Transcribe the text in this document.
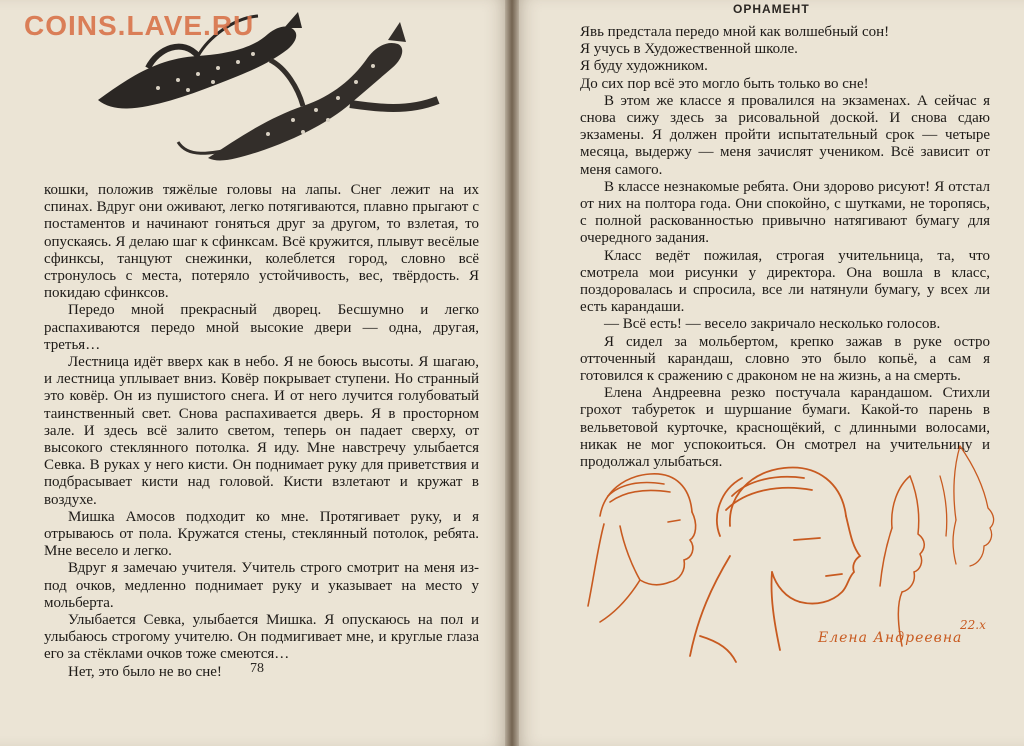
кошки, положив тяжёлые головы на лапы. Снег лежит на их спинах. Вдруг они оживают, легко потягиваются, плавно прыгают с постаментов и начинают гоняться друг за другом, то взлетая, то опускаясь. Я делаю шаг к сфинксам. Всё кружится, плывут весёлые сфинксы, танцуют снежинки, колеблется город, словно всё стронулось с места, потеряло устойчивость, вес, твёрдость. Я покидаю сфинксов.

Передо мной прекрасный дворец. Бесшумно и легко распахиваются передо мной высокие двери — одна, другая, третья…

Лестница идёт вверх как в небо. Я не боюсь высоты. Я шагаю, и лестница уплывает вниз. Ковёр покрывает ступени. Но странный это ковёр. Он из пушистого снега. И от него лучится голубоватый таинственный свет. Снова распахивается дверь. Я в просторном зале. И здесь всё залито светом, теперь он падает сверху, от высокого стеклянного потолка. Я иду. Мне навстречу улыбается Севка. В руках у него кисти. Он поднимает руку для приветствия и подбрасывает кисти над головой. Кисти взлетают и кружат в воздухе.

Мишка Амосов подходит ко мне. Протягивает руку, и я отрываюсь от пола. Кружатся стены, стеклянный потолок, ребята. Мне весело и легко.

Вдруг я замечаю учителя. Учитель строго смотрит на меня из-под очков, медленно поднимает руку и указывает на место у мольберта.

Улыбается Севка, улыбается Мишка. Я опускаюсь на пол и улыбаюсь строгому учителю. Он подмигивает мне, и круглые глаза его за стёклами очков тоже смеются…

Нет, это было не во сне!	78
COINS.LAVE.RU
ОРНАМЕНТ

Явь предстала передо мной как волшебный сон!

Я учусь в Художественной школе.

Я буду художником.

До сих пор всё это могло быть только во сне!

В этом же классе я провалился на экзаменах. А сейчас я снова сижу здесь за рисовальной доской. И снова сдаю экзамены. Я должен пройти испытательный срок — четыре месяца, выдержу — меня зачислят учеником. Всё зависит от меня самого.

В классе незнакомые ребята. Они здорово рисуют! Я отстал от них на полтора года. Они спокойно, с шутками, не торопясь, с полной раскованностью привычно натягивают бумагу для очередного задания.

Класс ведёт пожилая, строгая учительница, та, что смотрела мои рисунки у директора. Она вошла в класс, поздоровалась и спросила, все ли натянули бумагу, у всех ли есть карандаши.

— Всё есть! — весело закричало несколько голосов.

Я сидел за мольбертом, крепко зажав в руке остро отточенный карандаш, словно это было копьё, а сам я готовился к сражению с драконом не на жизнь, а на смерть.

Елена Андреевна резко постучала карандашом. Стихли грохот табуреток и шуршание бумаги. Какой-то парень в вельветовой курточке, краснощёкий, с длинными волосами, никак не мог успокоиться. Он смотрел на учительницу и продолжал улыбаться.

Елена Андреевна
22.х
